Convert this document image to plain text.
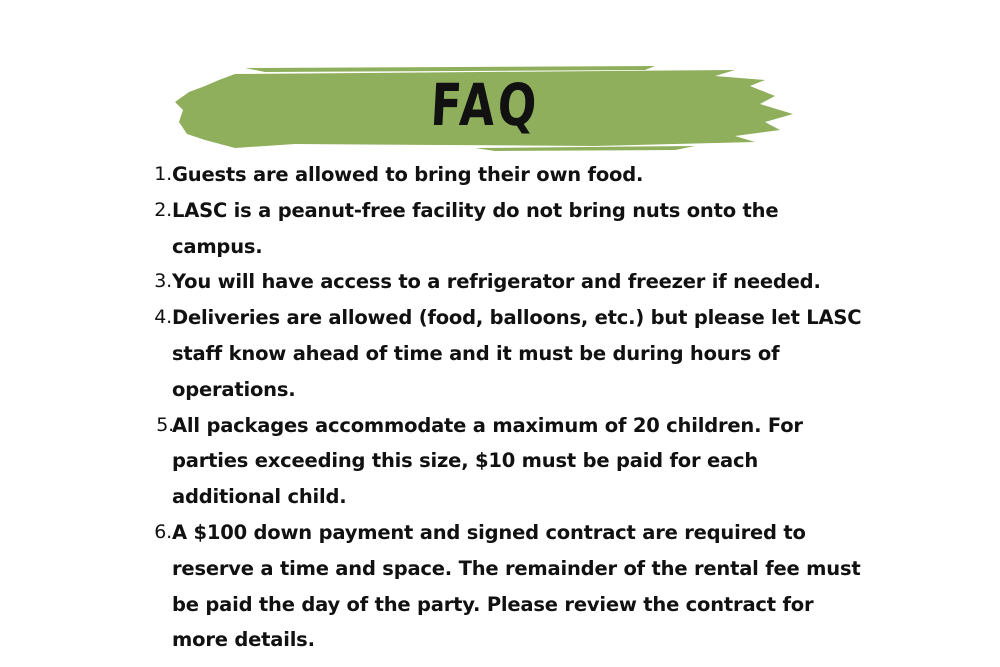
FAQ
1. Guests are allowed to bring their own food.
2. LASC is a peanut-free facility do not bring nuts onto the campus.
3. You will have access to a refrigerator and freezer if needed.
4. Deliveries are allowed (food, balloons, etc.) but please let LASC staff know ahead of time and it must be during hours of operations.
5.
All packages accommodate a maximum of 20 children. For parties exceeding this size, $10 must be paid for each additional child.
6. A $100 down payment and signed contract are required to reserve a time and space. The remainder of the rental fee must be paid the day of the party. Please review the contract for more details.
